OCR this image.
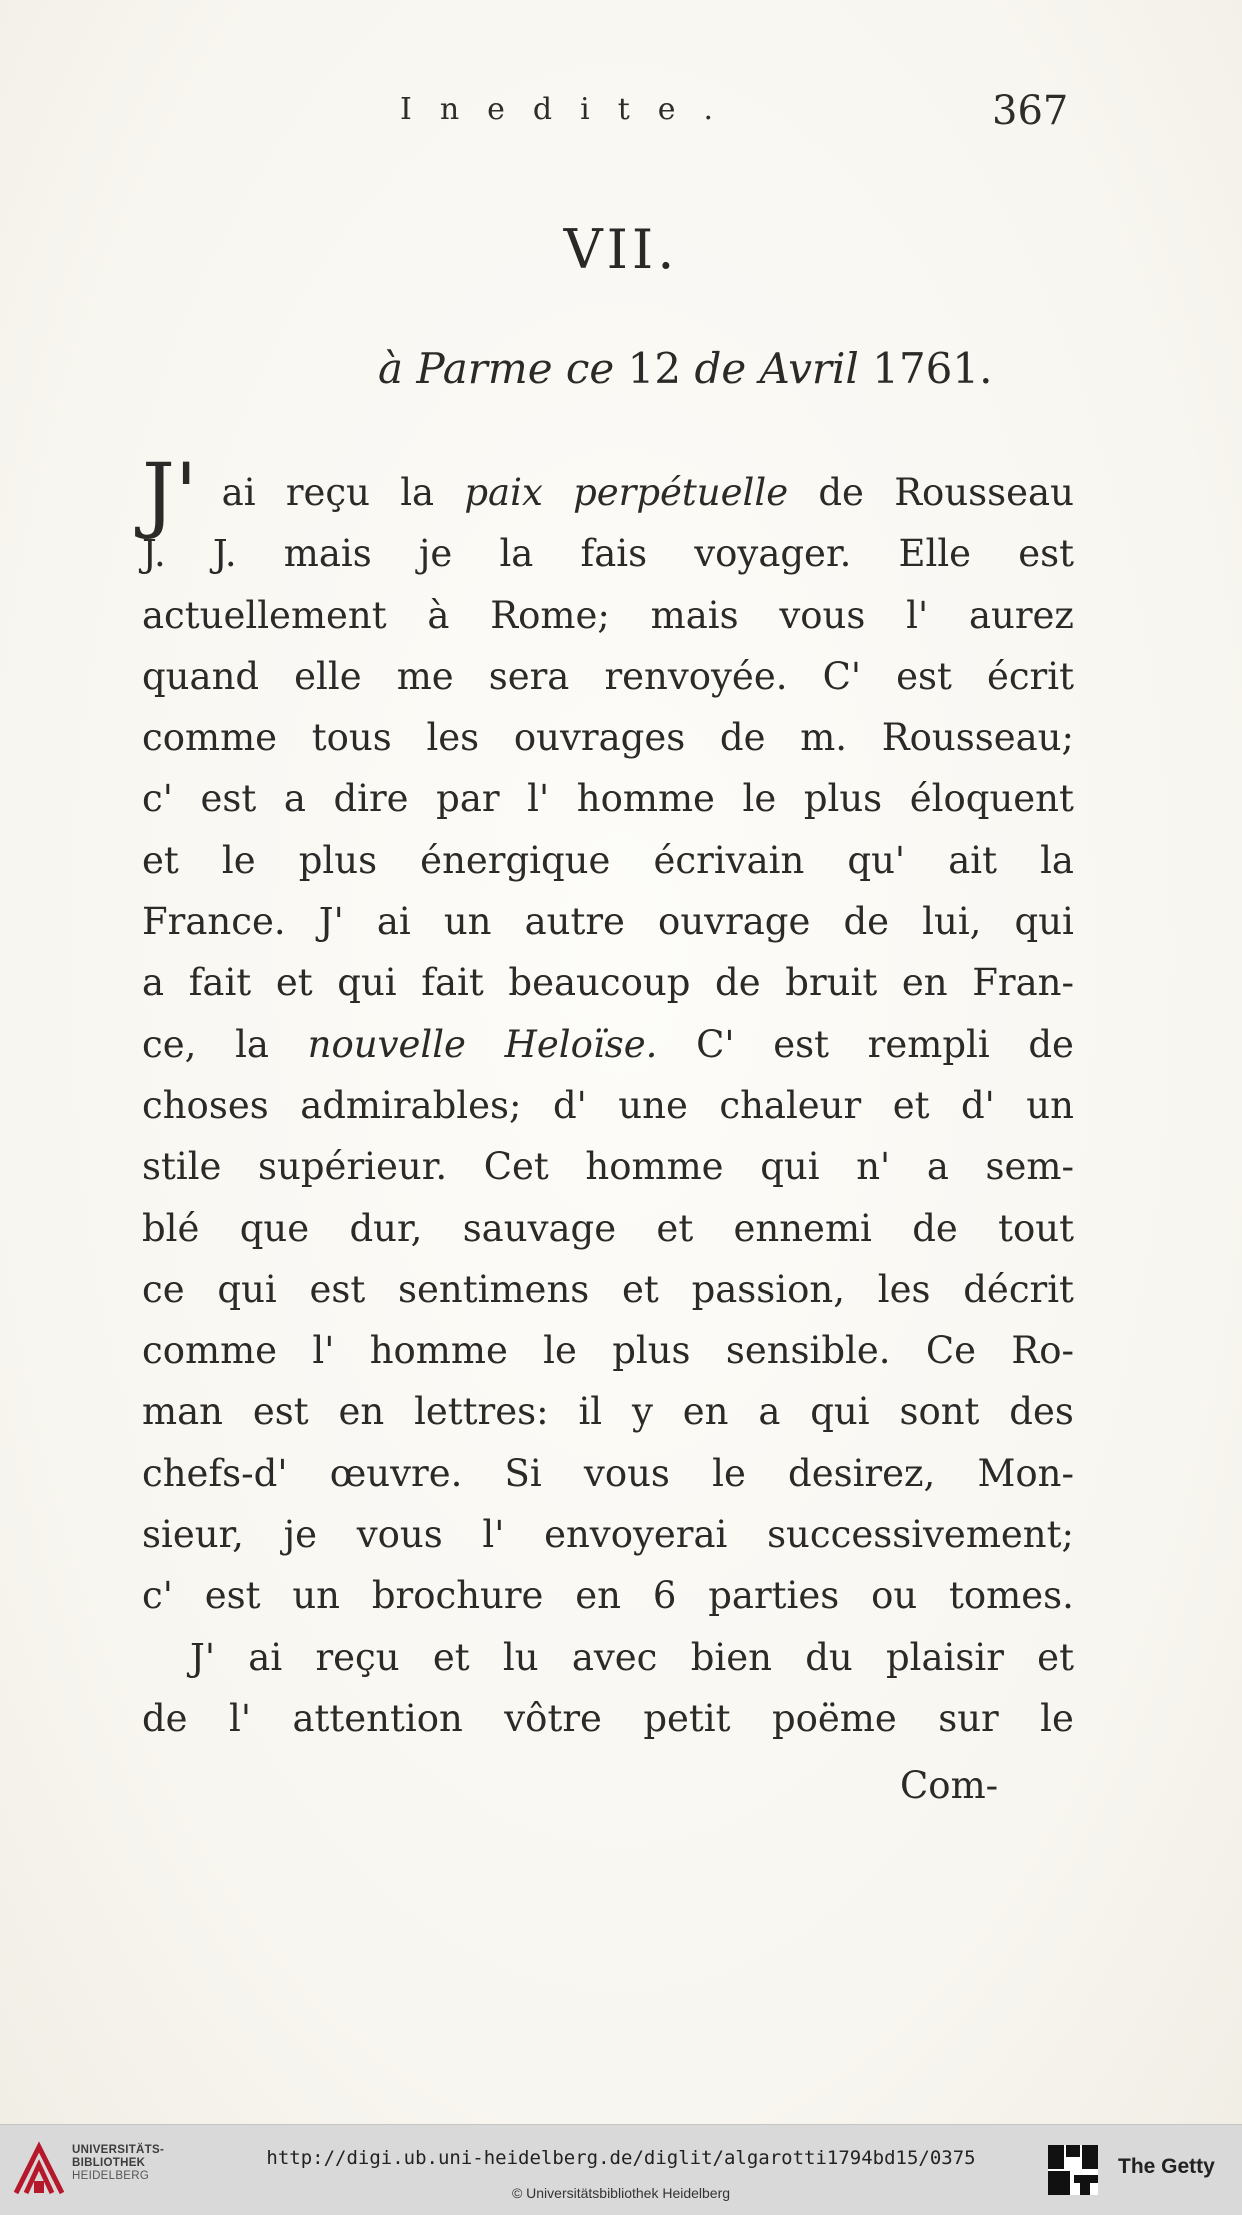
Inedite.	367
VII.
à Parme ce 12 de Avril 1761.
J' ai reçu la paix perpétuelle de Rousseau
J. J. mais je la fais voyager. Elle est
actuellement à Rome; mais vous l' aurez
quand elle me sera renvoyée. C' est écrit
comme tous les ouvrages de m. Rousseau;
c' est a dire par l' homme le plus éloquent
et le plus énergique écrivain qu' ait la
France. J' ai un autre ouvrage de lui, qui
a fait et qui fait beaucoup de bruit en Fran-
ce, la nouvelle Heloïse. C' est rempli de
choses admirables; d' une chaleur et d' un
stile supérieur. Cet homme qui n' a sem-
blé que dur, sauvage et ennemi de tout
ce qui est sentimens et passion, les décrit
comme l' homme le plus sensible. Ce Ro-
man est en lettres: il y en a qui sont des
chefs-d' œuvre. Si vous le desirez, Mon-
sieur, je vous l' envoyerai successivement;
c' est un brochure en 6 parties ou tomes.
J' ai reçu et lu avec bien du plaisir et
de l' attention vôtre petit poëme sur le
Com-
UNIVERSITÄTS-
BIBLIOTHEK
HEIDELBERG
http://digi.ub.uni-heidelberg.de/diglit/algarotti1794bd15/0375
© Universitätsbibliothek Heidelberg
The Getty
